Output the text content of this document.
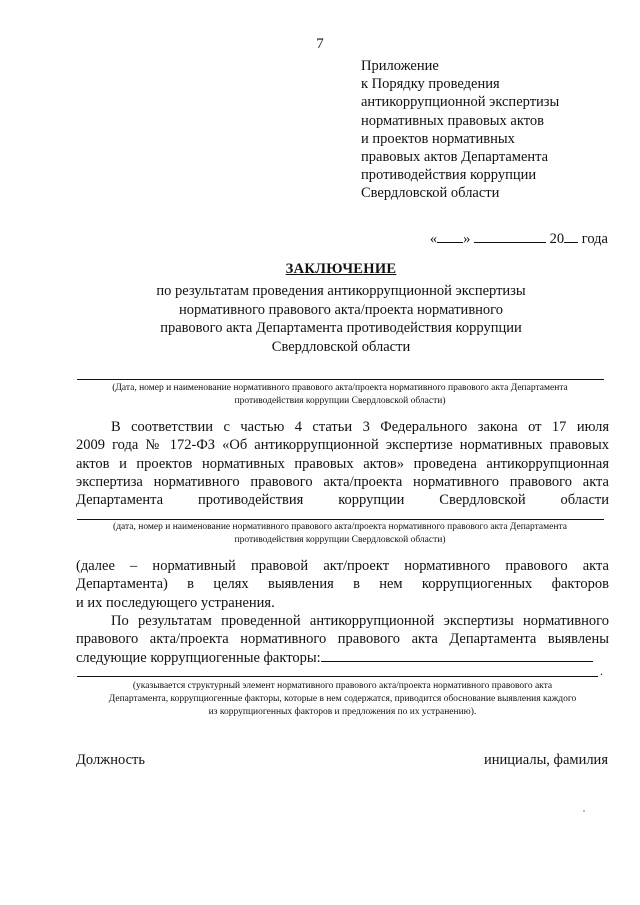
7
Приложение
к Порядку проведения
антикоррупционной экспертизы
нормативных правовых актов
и проектов нормативных
правовых актов Департамента
противодействия коррупции
Свердловской области
« »	20 года
ЗАКЛЮЧЕНИЕ
по результатам проведения антикоррупционной экспертизы
нормативного правового акта/проекта нормативного
правового акта Департамента противодействия коррупции
Свердловской области
(Дата, номер и наименование нормативного правового акта/проекта нормативного правового акта Департамента
противодействия коррупции Свердловской области)
В соответствии с частью 4 статьи 3 Федерального закона от 17 июля
2009 года № 172-ФЗ «Об антикоррупционной экспертизе нормативных правовых
актов и проектов нормативных правовых актов» проведена антикоррупционная
экспертиза нормативного правового акта/проекта нормативного правового акта
Департамента противодействия коррупции Свердловской области
(дата, номер и наименование нормативного правового акта/проекта нормативного правового акта Департамента
противодействия коррупции Свердловской области)
(далее – нормативный правовой акт/проект нормативного правового акта
Департамента) в целях выявления в нем коррупциогенных факторов
и их последующего устранения.
По результатам проведенной антикоррупционной экспертизы нормативного
правового акта/проекта нормативного правового акта Департамента выявлены
следующие коррупциогенные факторы:
.
(указывается структурный элемент нормативного правового акта/проекта нормативного правового акта
Департамента, коррупциогенные факторы, которые в нем содержатся, приводится обоснование выявления каждого
из коррупциогенных факторов и предложения по их устранению).
Должность	инициалы, фамилия
